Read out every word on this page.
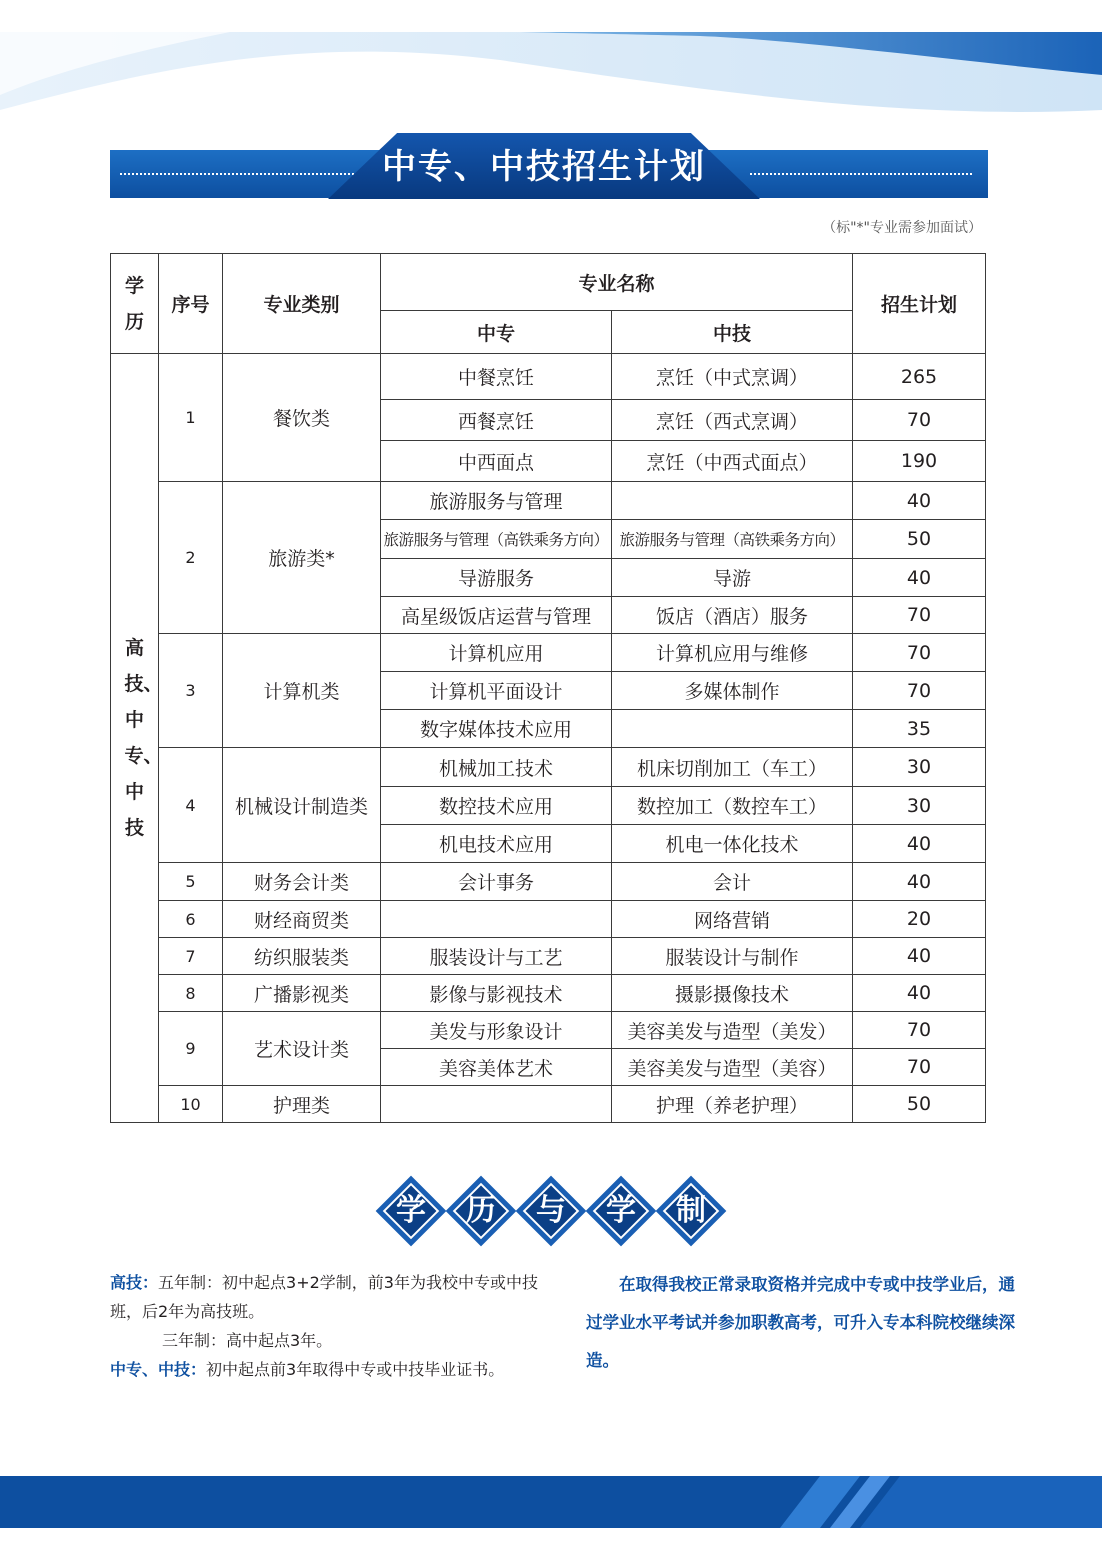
中专、中技招生计划
（标"*"专业需参加面试）
学历	序号	专业类别	专业名称		招生计划
			中专	中技	

高技、中专、中技	1	餐饮类	中餐烹饪	烹饪（中式烹调）	265
			西餐烹饪	烹饪（西式烹调）	70
			中西面点	烹饪（中西式面点）	190
	2	旅游类*	旅游服务与管理		40
			旅游服务与管理（高铁乘务方向）	旅游服务与管理（高铁乘务方向）	50
			导游服务	导游	40
			高星级饭店运营与管理	饭店（酒店）服务	70
	3	计算机类	计算机应用	计算机应用与维修	70
			计算机平面设计	多媒体制作	70
			数字媒体技术应用		35
	4	机械设计制造类	机械加工技术	机床切削加工（车工）	30
			数控技术应用	数控加工（数控车工）	30
			机电技术应用	机电一体化技术	40
	5	财务会计类	会计事务	会计	40
	6	财经商贸类		网络营销	20
	7	纺织服装类	服装设计与工艺	服装设计与制作	40
	8	广播影视类	影像与影视技术	摄影摄像技术	40
	9	艺术设计类	美发与形象设计	美容美发与造型（美发）	70
			美容美体艺术	美容美发与造型（美容）	70
	10	护理类		护理（养老护理）	50
学	历	与	学	制
高技：五年制：初中起点3+2学制，前3年为我校中专或中技班，后2年为高技班。
三年制：高中起点3年。
中专、中技：初中起点前3年取得中专或中技毕业证书。
在取得我校正常录取资格并完成中专或中技学业后，通过学业水平考试并参加职教高考，可升入专本科院校继续深造。
